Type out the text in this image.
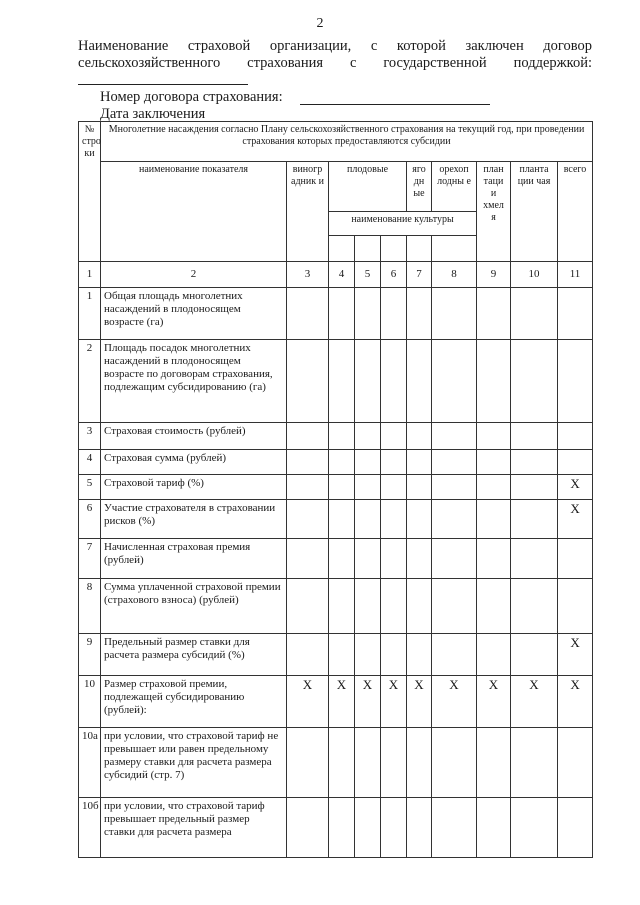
2
Наименование страховой организации, с которой заключен договор

сельскохозяйственного страхования с государственной поддержкой:
Номер договора страхования:
Дата заключения
№ стро ки	Многолетние насаждения согласно Плану сельскохозяйственного страхования на текущий год, при проведении страхования которых предоставляются субсидии									
	наименование показателя	виногр адник и	плодовые			яго дн ые	орехоп лодны е	план таци и хмел я	планта ции чая	всего
			наименование культуры							

1	2	3	4	5	6	7	8	9	10	11
1	Общая площадь многолетних насаждений в плодоносящем возрасте (га)									
2	Площадь посадок многолетних насаждений в плодоносящем возрасте по договорам страхования, подлежащим субсидированию (га)									
3	Страховая стоимость (рублей)									
4	Страховая сумма (рублей)									
5	Страховой тариф (%)									X
6	Участие страхователя в страховании рисков (%)									X
7	Начисленная страховая премия (рублей)									
8	Сумма уплаченной страховой премии (страхового взноса) (рублей)									
9	Предельный размер ставки для расчета размера субсидий (%)									X
10	Размер страховой премии, подлежащей субсидированию (рублей):	X	X	X	X	X	X	X	X	X
10а	при условии, что страховой тариф не превышает или равен предельному размеру ставки для расчета размера субсидий (стр. 7)									
10б	при условии, что страховой тариф превышает предельный размер ставки для расчета размера									
